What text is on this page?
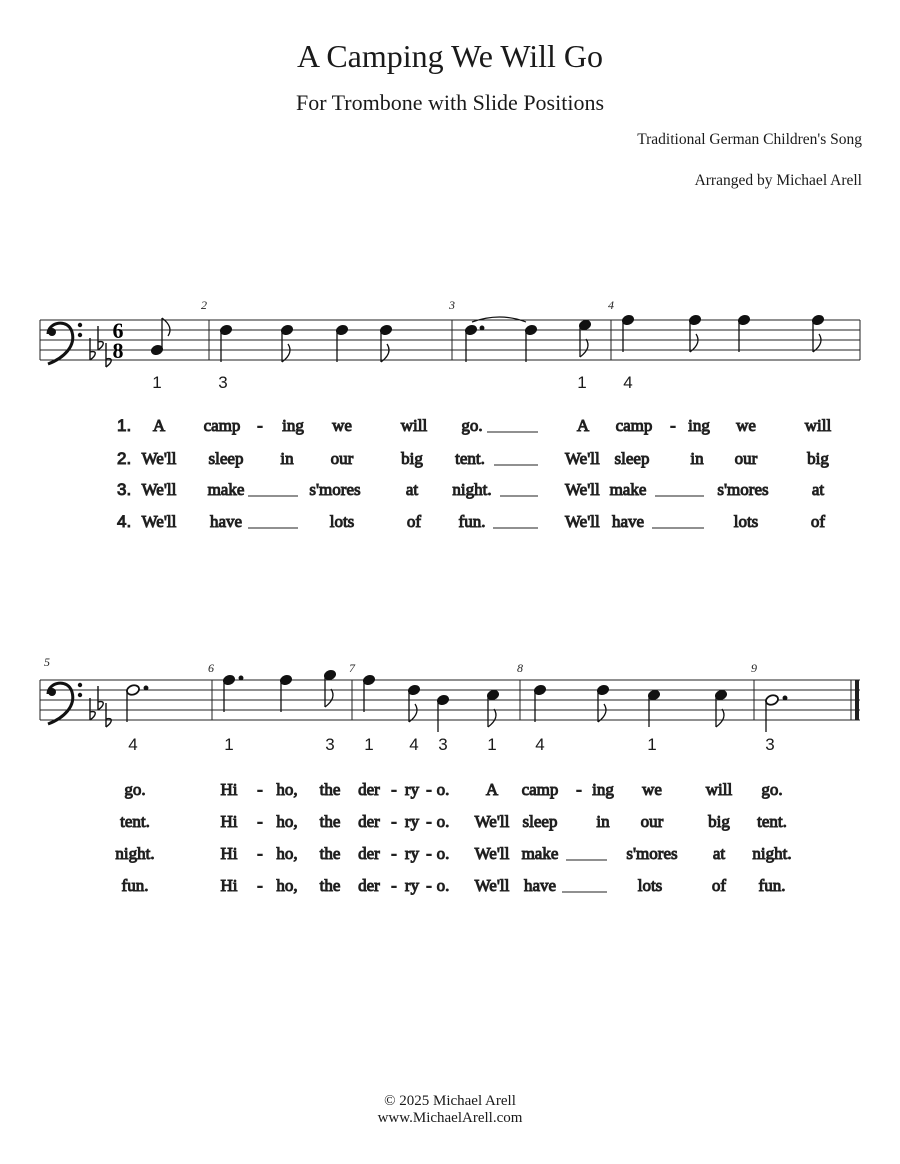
A Camping We Will Go
For Trombone with Slide Positions
Traditional German Children's Song
Arranged by Michael Arell
6
8
2	3	4
1	3	1 4
1. A camp - ing we	will go.	A camp - ing we	will
2. We'll sleep in our	big tent.	We'll sleep in our	big
3. We'll make	s'mores	at night.	We'll make	s'mores	at
4. We'll have	lots	of fun.	We'll have	lots	of
5	6	7	8	9
4	1	3 1 4 3 1 4	1	3
go.	Hi - ho, the der - ry - o. A camp - ing we	will go.
tent.	Hi - ho, the der - ry - o. We'll sleep in our	big tent.
night.	Hi - ho, the der - ry - o. We'll make	s'mores at night.
fun.	Hi - ho, the der - ry - o. We'll have	lots	of fun.
© 2025 Michael Arell
www.MichaelArell.com
